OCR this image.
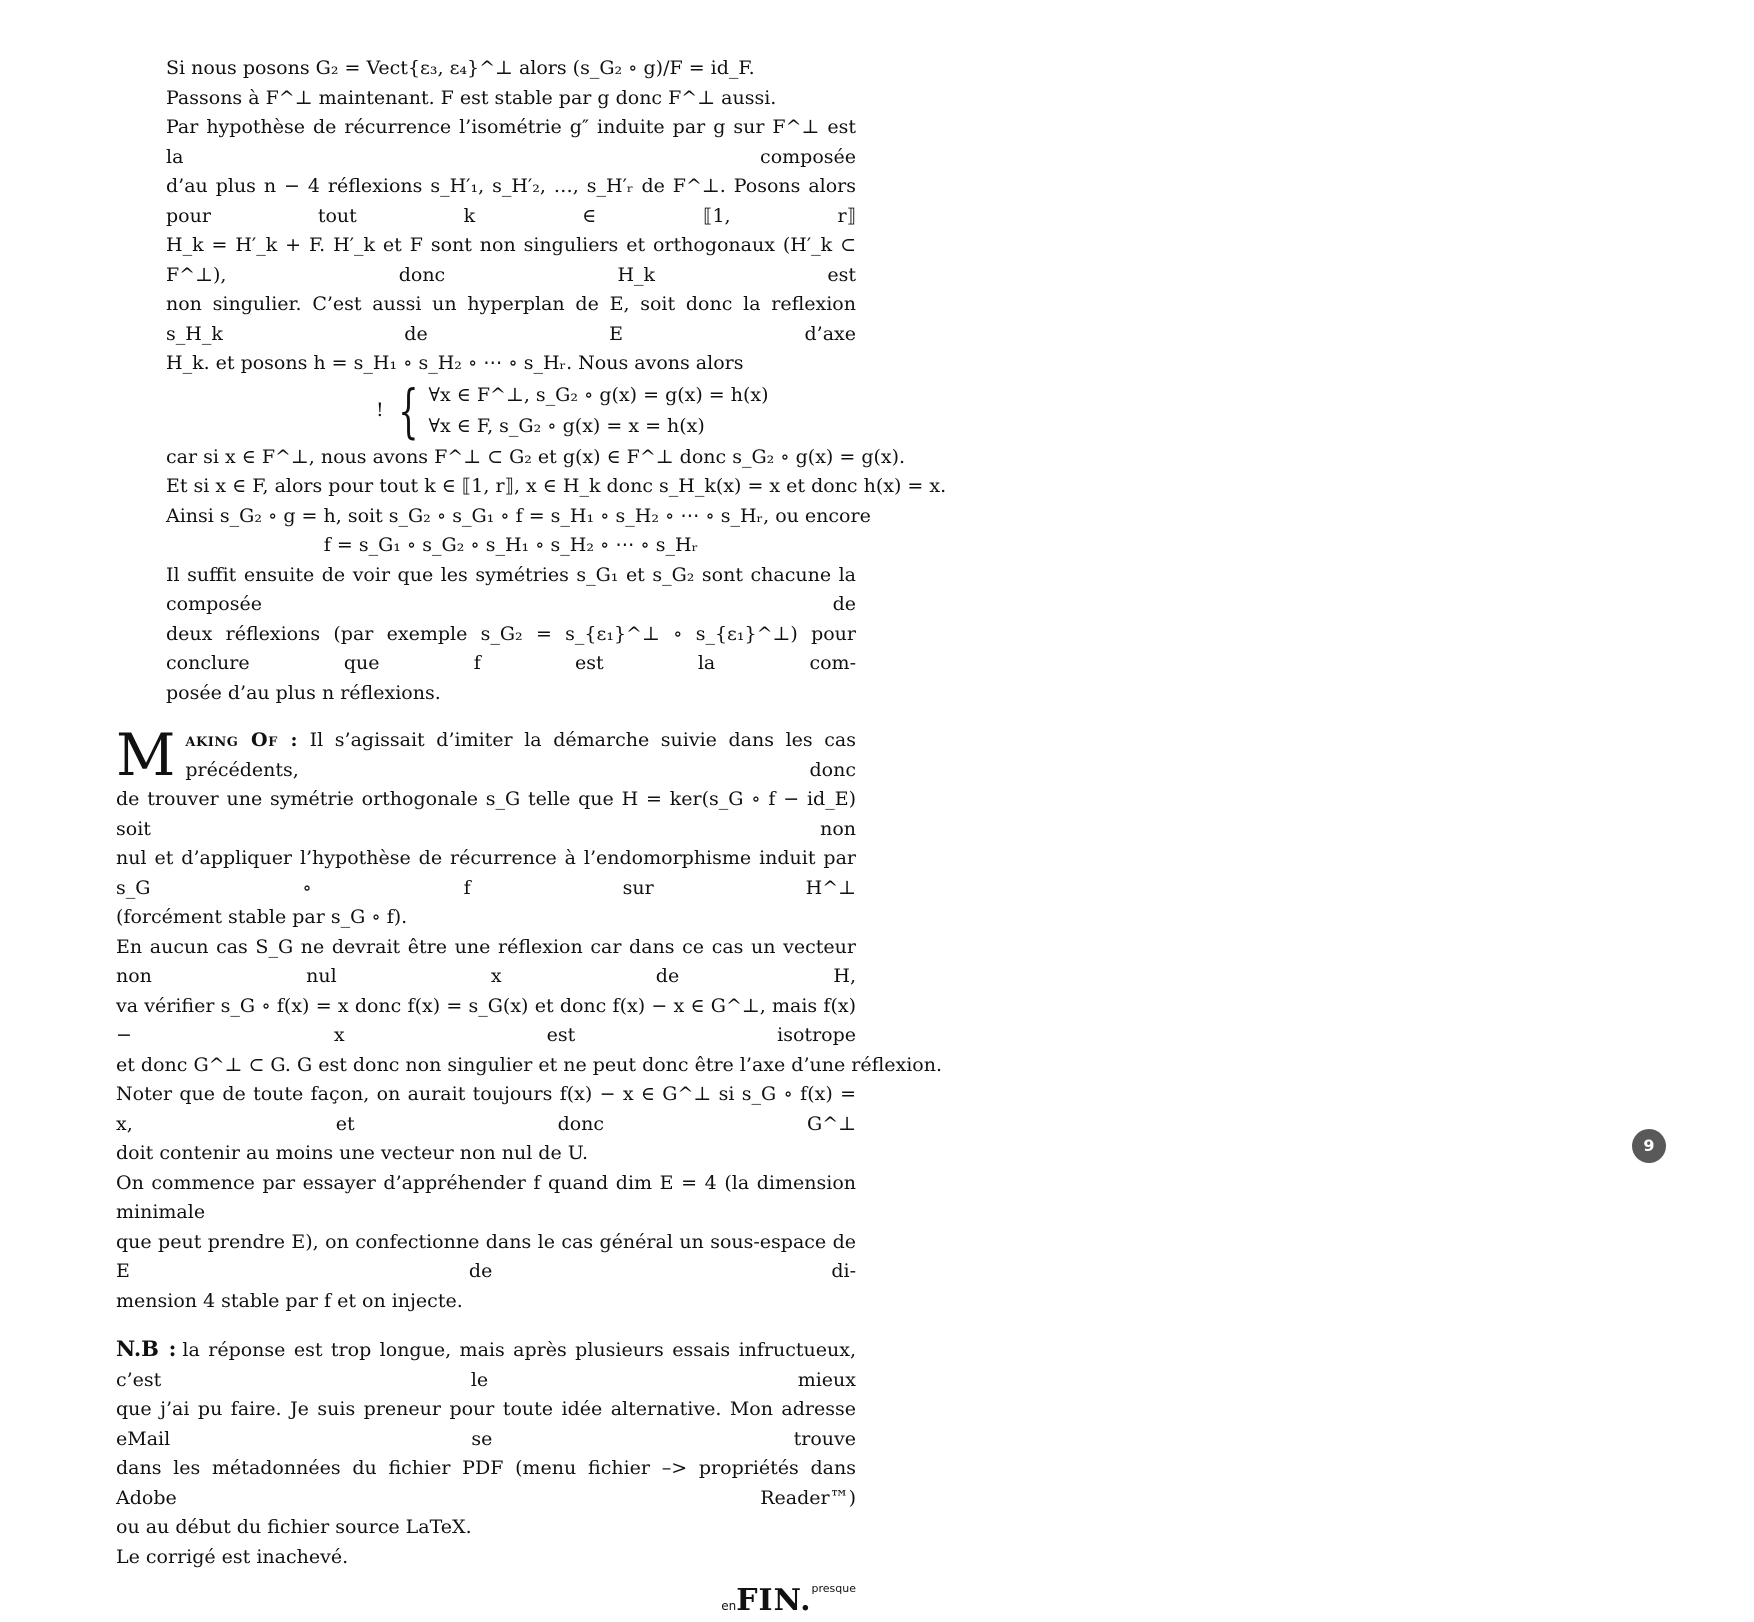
Si nous posons G₂ = Vect{ε₃, ε₄}^⊥ alors (s_G₂ ∘ g)/F = id_F.
Passons à F^⊥ maintenant. F est stable par g donc F^⊥ aussi.
Par hypothèse de récurrence l’isométrie g″ induite par g sur F^⊥ est la composée
d’au plus n − 4 réflexions s_H′₁, s_H′₂, …, s_H′ᵣ de F^⊥. Posons alors pour tout k ∈ ⟦1, r⟧
H_k = H′_k + F. H′_k et F sont non singuliers et orthogonaux (H′_k ⊂ F^⊥), donc H_k est
non singulier. C’est aussi un hyperplan de E, soit donc la reflexion s_H_k de E d’axe
H_k. et posons h = s_H₁ ∘ s_H₂ ∘ ⋯ ∘ s_Hᵣ. Nous avons alors
! { ∀x ∈ F^⊥, s_G₂ ∘ g(x) = g(x) = h(x)
∀x ∈ F, s_G₂ ∘ g(x) = x = h(x)
car si x ∈ F^⊥, nous avons F^⊥ ⊂ G₂ et g(x) ∈ F^⊥ donc s_G₂ ∘ g(x) = g(x).
Et si x ∈ F, alors pour tout k ∈ ⟦1, r⟧, x ∈ H_k donc s_H_k(x) = x et donc h(x) = x.
Ainsi s_G₂ ∘ g = h, soit s_G₂ ∘ s_G₁ ∘ f = s_H₁ ∘ s_H₂ ∘ ⋯ ∘ s_Hᵣ, ou encore
f = s_G₁ ∘ s_G₂ ∘ s_H₁ ∘ s_H₂ ∘ ⋯ ∘ s_Hᵣ
Il suffit ensuite de voir que les symétries s_G₁ et s_G₂ sont chacune la composée de
deux réflexions (par exemple s_G₂ = s_{ε₁}^⊥ ∘ s_{ε₁}^⊥) pour conclure que f est la com-
posée d’au plus n réflexions.
M aking Of : Il s’agissait d’imiter la démarche suivie dans les cas précédents, donc
de trouver une symétrie orthogonale s_G telle que H = ker(s_G ∘ f − id_E) soit non
nul et d’appliquer l’hypothèse de récurrence à l’endomorphisme induit par s_G ∘ f sur H^⊥
(forcément stable par s_G ∘ f).
En aucun cas S_G ne devrait être une réflexion car dans ce cas un vecteur non nul x de H,
va vérifier s_G ∘ f(x) = x donc f(x) = s_G(x) et donc f(x) − x ∈ G^⊥, mais f(x) − x est isotrope
et donc G^⊥ ⊂ G. G est donc non singulier et ne peut donc être l’axe d’une réflexion.
Noter que de toute façon, on aurait toujours f(x) − x ∈ G^⊥ si s_G ∘ f(x) = x, et donc G^⊥
doit contenir au moins une vecteur non nul de U.
On commence par essayer d’appréhender f quand dim E = 4 (la dimension minimale
que peut prendre E), on confectionne dans le cas général un sous-espace de E de di-
mension 4 stable par f et on injecte.
N.B : la réponse est trop longue, mais après plusieurs essais infructueux, c’est le mieux
que j’ai pu faire. Je suis preneur pour toute idée alternative. Mon adresse eMail se trouve
dans les métadonnées du fichier PDF (menu fichier –> propriétés dans Adobe Reader™)
ou au début du fichier source LaTeX.
Le corrigé est inachevé.
enFIN.$^{presque}$
9
